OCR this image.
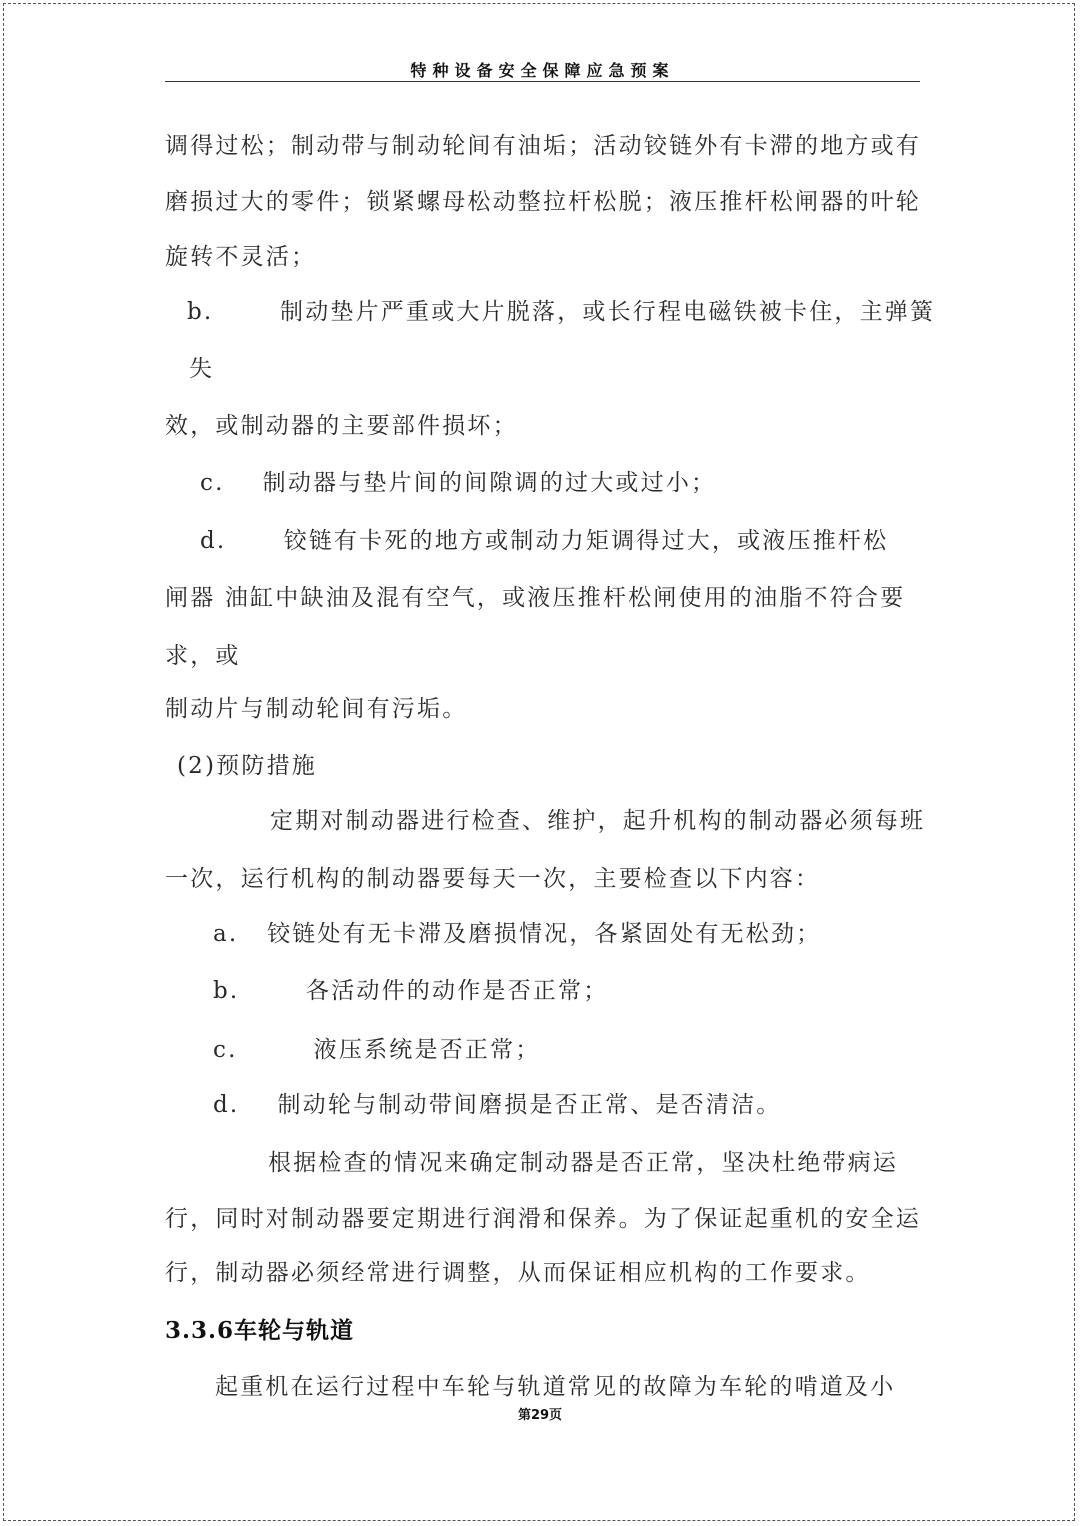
特种设备安全保障应急预案
调得过松；制动带与制动轮间有油垢；活动铰链外有卡滞的地方或有
磨损过大的零件；锁紧螺母松动整拉杆松脱；液压推杆松闸器的叶轮
旋转不灵活；
b.       制动垫片严重或大片脱落，或长行程电磁铁被卡住，主弹簧
失
效，或制动器的主要部件损坏；
c.    制动器与垫片间的间隙调的过大或过小；
d.      铰链有卡死的地方或制动力矩调得过大，或液压推杆松
闸器 油缸中缺油及混有空气，或液压推杆松闸使用的油脂不符合要
求，或
制动片与制动轮间有污垢。
(2)预防措施
定期对制动器进行检查、维护，起升机构的制动器必须每班
一次，运行机构的制动器要每天一次，主要检查以下内容：
a.   铰链处有无卡滞及磨损情况，各紧固处有无松劲；
b.       各活动件的动作是否正常；
c.        液压系统是否正常；
d.    制动轮与制动带间磨损是否正常、是否清洁。
根据检查的情况来确定制动器是否正常，坚决杜绝带病运
行，同时对制动器要定期进行润滑和保养。为了保证起重机的安全运
行，制动器必须经常进行调整，从而保证相应机构的工作要求。
3.3.6车轮与轨道
起重机在运行过程中车轮与轨道常见的故障为车轮的啃道及小
第29页
